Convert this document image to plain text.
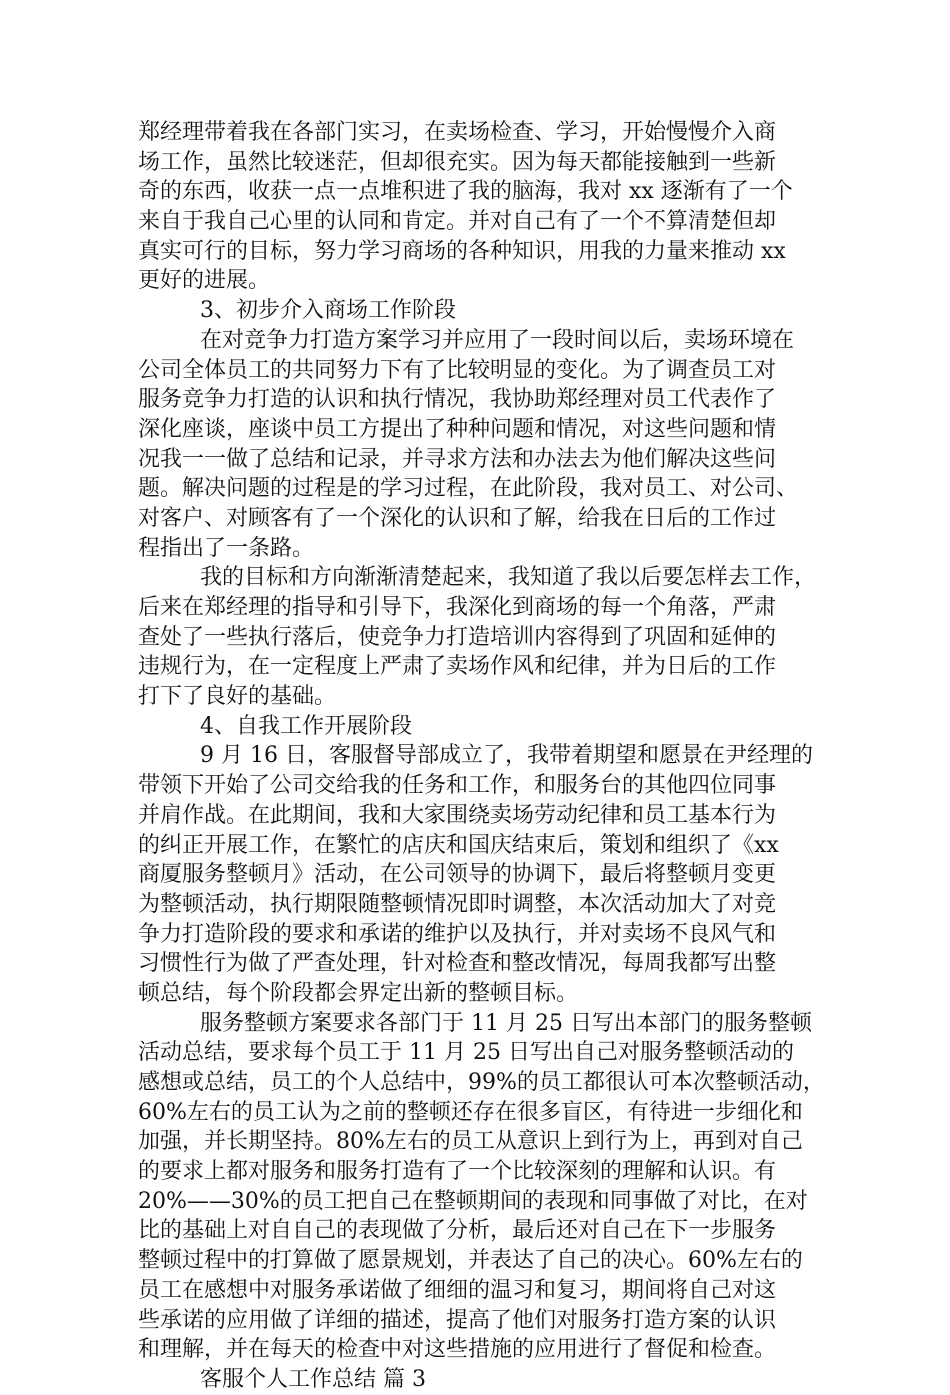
郑经理带着我在各部门实习，在卖场检查、学习，开始慢慢介入商
场工作，虽然比较迷茫，但却很充实。因为每天都能接触到一些新
奇的东西，收获一点一点堆积进了我的脑海，我对 xx 逐渐有了一个
来自于我自己心里的认同和肯定。并对自己有了一个不算清楚但却
真实可行的目标，努力学习商场的各种知识，用我的力量来推动 xx
更好的进展。
3、初步介入商场工作阶段
在对竞争力打造方案学习并应用了一段时间以后，卖场环境在
公司全体员工的共同努力下有了比较明显的变化。为了调查员工对
服务竞争力打造的认识和执行情况，我协助郑经理对员工代表作了
深化座谈，座谈中员工方提出了种种问题和情况，对这些问题和情
况我一一做了总结和记录，并寻求方法和办法去为他们解决这些问
题。解决问题的过程是的学习过程，在此阶段，我对员工、对公司、
对客户、对顾客有了一个深化的认识和了解，给我在日后的工作过
程指出了一条路。
我的目标和方向渐渐清楚起来，我知道了我以后要怎样去工作，
后来在郑经理的指导和引导下，我深化到商场的每一个角落，严肃
查处了一些执行落后，使竞争力打造培训内容得到了巩固和延伸的
违规行为，在一定程度上严肃了卖场作风和纪律，并为日后的工作
打下了良好的基础。
4、自我工作开展阶段
9 月 16 日，客服督导部成立了，我带着期望和愿景在尹经理的
带领下开始了公司交给我的任务和工作，和服务台的其他四位同事
并肩作战。在此期间，我和大家围绕卖场劳动纪律和员工基本行为
的纠正开展工作，在繁忙的店庆和国庆结束后，策划和组织了《xx
商厦服务整顿月》活动，在公司领导的协调下，最后将整顿月变更
为整顿活动，执行期限随整顿情况即时调整，本次活动加大了对竞
争力打造阶段的要求和承诺的维护以及执行，并对卖场不良风气和
习惯性行为做了严查处理，针对检查和整改情况，每周我都写出整
顿总结，每个阶段都会界定出新的整顿目标。
服务整顿方案要求各部门于 11 月 25 日写出本部门的服务整顿
活动总结，要求每个员工于 11 月 25 日写出自己对服务整顿活动的
感想或总结，员工的个人总结中，99%的员工都很认可本次整顿活动，
60%左右的员工认为之前的整顿还存在很多盲区，有待进一步细化和
加强，并长期坚持。80%左右的员工从意识上到行为上，再到对自己
的要求上都对服务和服务打造有了一个比较深刻的理解和认识。有
20%——30%的员工把自己在整顿期间的表现和同事做了对比，在对
比的基础上对自自己的表现做了分析，最后还对自己在下一步服务
整顿过程中的打算做了愿景规划，并表达了自己的决心。60%左右的
员工在感想中对服务承诺做了细细的温习和复习，期间将自己对这
些承诺的应用做了详细的描述，提高了他们对服务打造方案的认识
和理解，并在每天的检查中对这些措施的应用进行了督促和检查。
客服个人工作总结 篇 3
